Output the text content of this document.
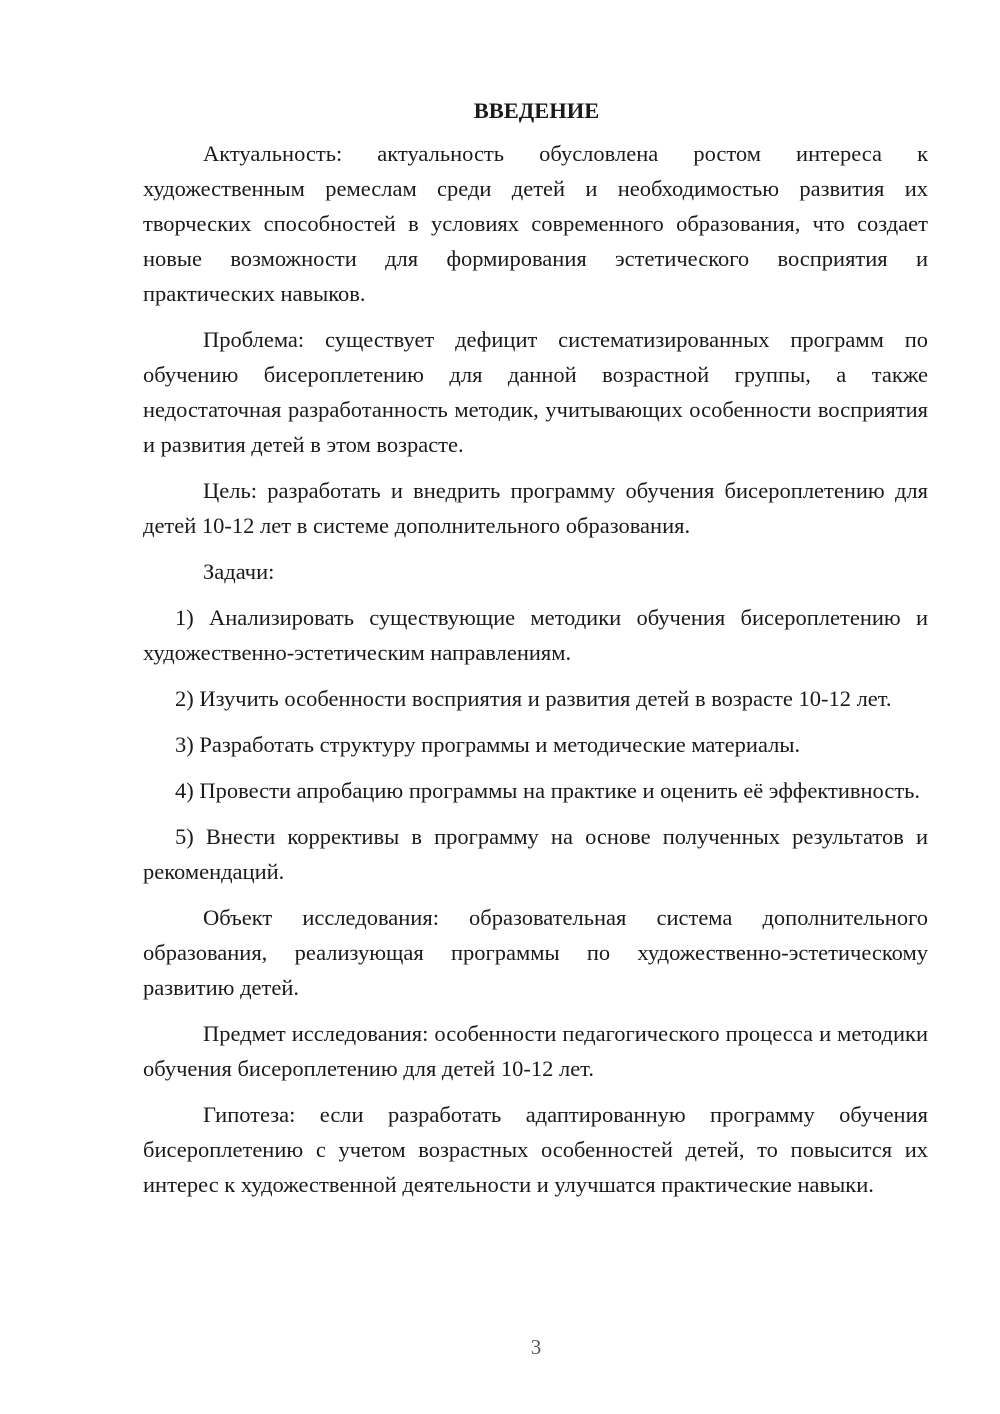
ВВЕДЕНИЕ

Актуальность: актуальность обусловлена ростом интереса к художественным ремеслам среди детей и необходимостью развития их творческих способностей в условиях современного образования, что создает новые возможности для формирования эстетического восприятия и практических навыков.

Проблема: существует дефицит систематизированных программ по обучению бисероплетению для данной возрастной группы, а также недостаточная разработанность методик, учитывающих особенности восприятия и развития детей в этом возрасте.

Цель: разработать и внедрить программу обучения бисероплетению для детей 10-12 лет в системе дополнительного образования.

Задачи:

1) Анализировать существующие методики обучения бисероплетению и художественно-эстетическим направлениям.

2) Изучить особенности восприятия и развития детей в возрасте 10-12 лет.

3) Разработать структуру программы и методические материалы.

4) Провести апробацию программы на практике и оценить её эффективность.

5) Внести коррективы в программу на основе полученных результатов и рекомендаций.

Объект исследования: образовательная система дополнительного образования, реализующая программы по художественно-эстетическому развитию детей.

Предмет исследования: особенности педагогического процесса и методики обучения бисероплетению для детей 10-12 лет.

Гипотеза: если разработать адаптированную программу обучения бисероплетению с учетом возрастных особенностей детей, то повысится их интерес к художественной деятельности и улучшатся практические навыки.

3
